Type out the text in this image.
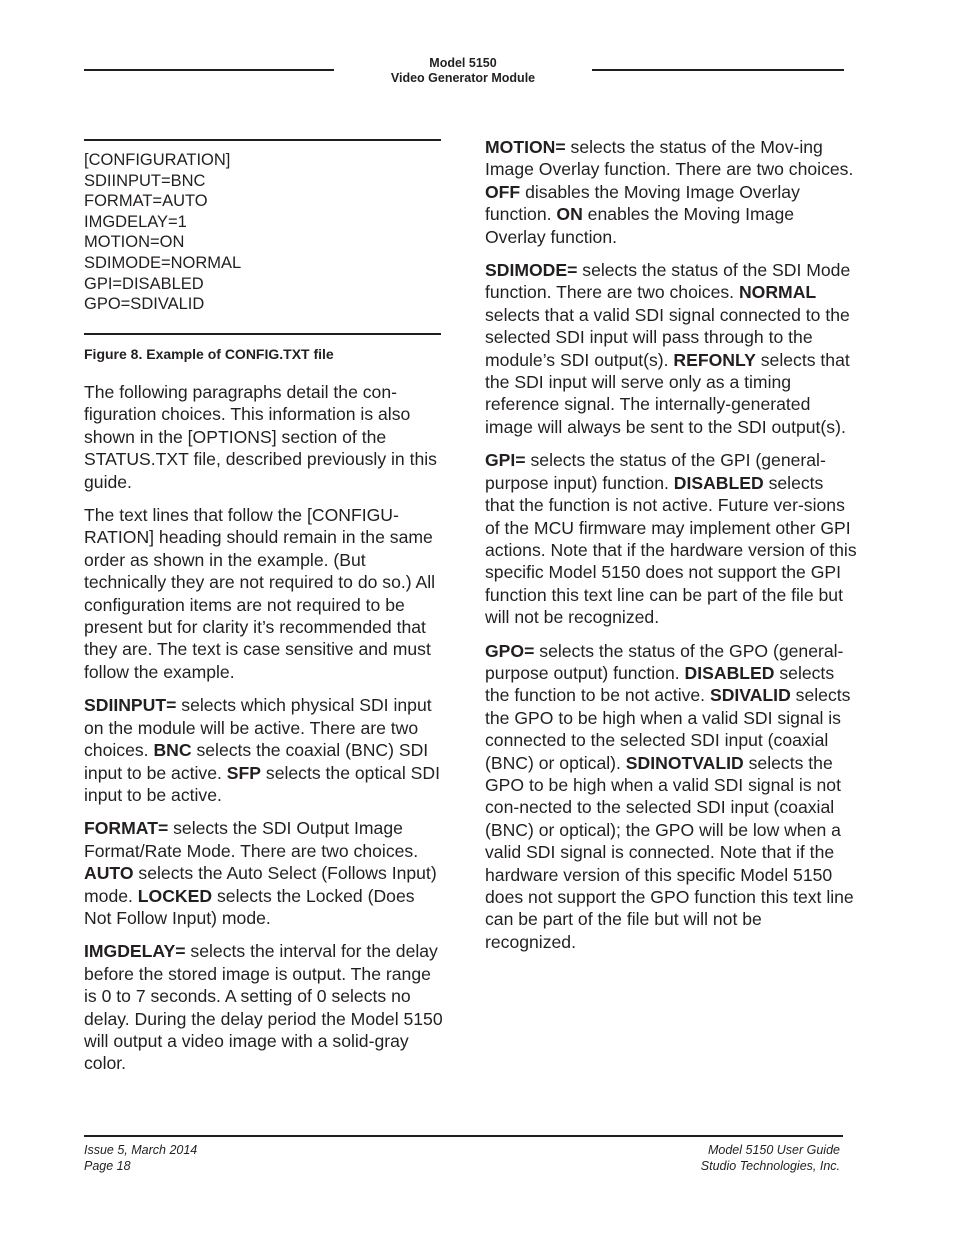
Model 5150
Video Generator Module
[CONFIGURATION]
SDIINPUT=BNC
FORMAT=AUTO
IMGDELAY=1
MOTION=ON
SDIMODE=NORMAL
GPI=DISABLED
GPO=SDIVALID
Figure 8. Example of CONFIG.TXT file

The following paragraphs detail the con-figuration choices. This information is also shown in the [OPTIONS] section of the STATUS.TXT file, described previously in this guide.

The text lines that follow the [CONFIGU-RATION] heading should remain in the same order as shown in the example. (But technically they are not required to do so.) All configuration items are not required to be present but for clarity it’s recommended that they are. The text is case sensitive and must follow the example.

SDIINPUT= selects which physical SDI input on the module will be active. There are two choices. BNC selects the coaxial (BNC) SDI input to be active. SFP selects the optical SDI input to be active.

FORMAT= selects the SDI Output Image Format/Rate Mode. There are two choices. AUTO selects the Auto Select (Follows Input) mode. LOCKED selects the Locked (Does Not Follow Input) mode.

IMGDELAY= selects the interval for the delay before the stored image is output. The range is 0 to 7 seconds. A setting of 0 selects no delay. During the delay period the Model 5150 will output a video image with a solid-gray color.

MOTION= selects the status of the Mov-ing Image Overlay function. There are two choices. OFF disables the Moving Image Overlay function. ON enables the Moving Image Overlay function.

SDIMODE= selects the status of the SDI Mode function. There are two choices. NORMAL selects that a valid SDI signal connected to the selected SDI input will pass through to the module’s SDI output(s). REFONLY selects that the SDI input will serve only as a timing reference signal. The internally-generated image will always be sent to the SDI output(s).

GPI= selects the status of the GPI (general-purpose input) function. DISABLED selects that the function is not active. Future ver-sions of the MCU firmware may implement other GPI actions. Note that if the hardware version of this specific Model 5150 does not support the GPI function this text line can be part of the file but will not be recognized.

GPO= selects the status of the GPO (general-purpose output) function. DISABLED selects the function to be not active. SDIVALID selects the GPO to be high when a valid SDI signal is connected to the selected SDI input (coaxial (BNC) or optical). SDINOTVALID selects the GPO to be high when a valid SDI signal is not con-nected to the selected SDI input (coaxial (BNC) or optical); the GPO will be low when a valid SDI signal is connected. Note that if the hardware version of this specific Model 5150 does not support the GPO function this text line can be part of the file but will not be recognized.

Issue 5, March 2014
Page 18
Model 5150 User Guide
Studio Technologies, Inc.
